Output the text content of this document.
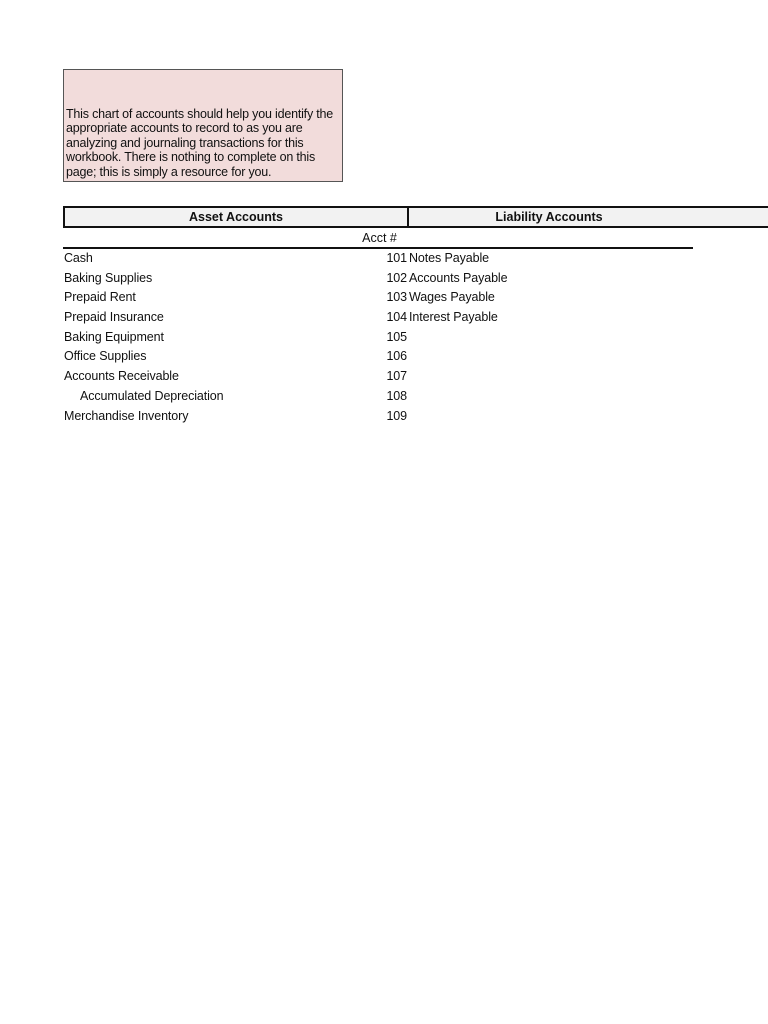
This chart of accounts should help you identify the appropriate accounts to record to as you are analyzing and journaling transactions for this workbook. There is nothing to complete on this page; this is simply a resource for you.

Asset Accounts	Liability Accounts
Acct #
Cash	101 Notes Payable
Baking Supplies	102 Accounts Payable
Prepaid Rent	103 Wages Payable
Prepaid Insurance	104 Interest Payable
Baking Equipment	105
Office Supplies	106
Accounts Receivable	107
Accumulated Depreciation	108
Merchandise Inventory	109
